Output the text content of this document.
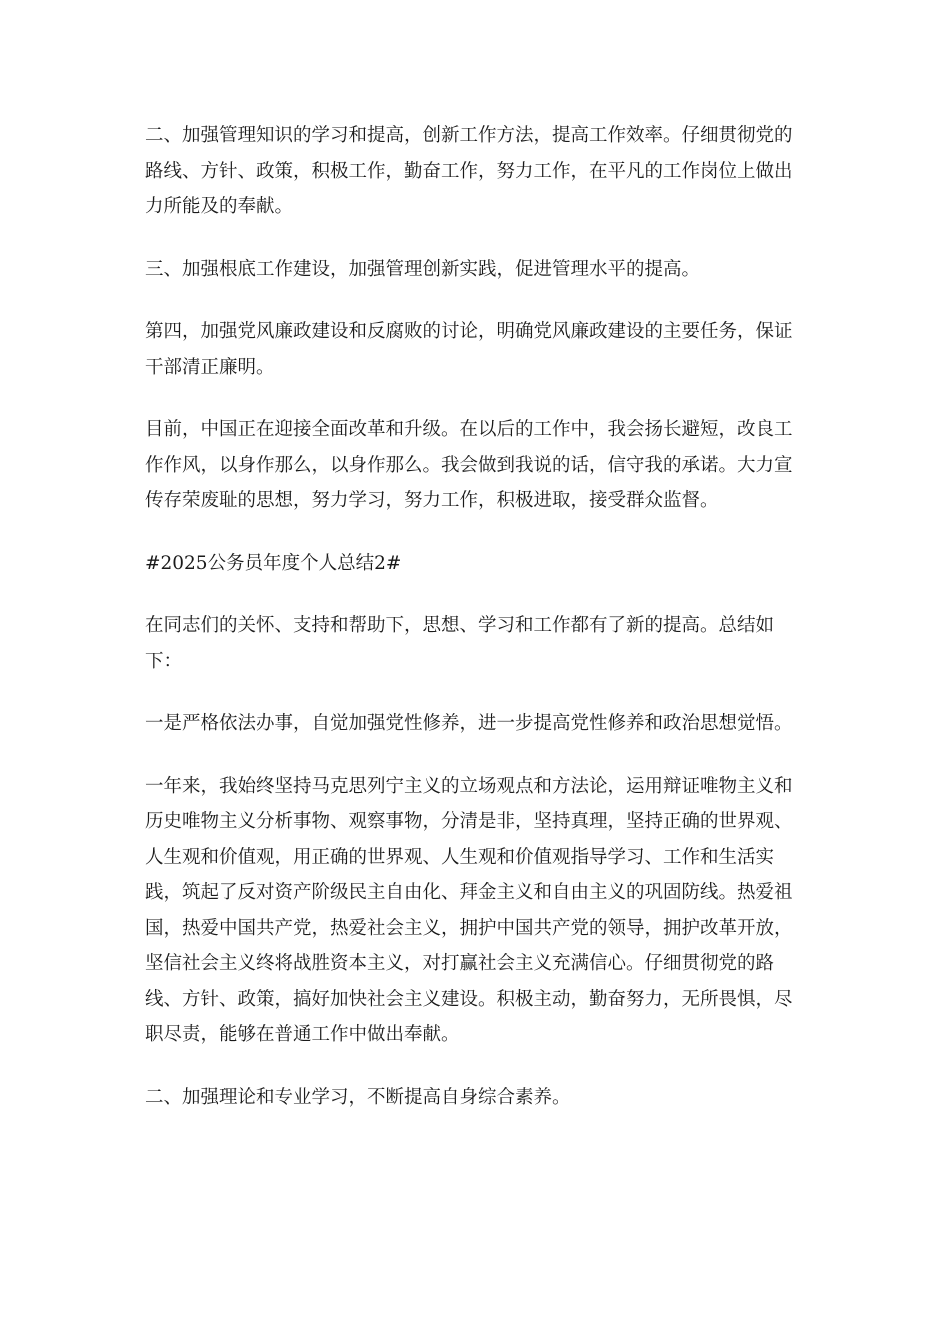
二、加强管理知识的学习和提高，创新工作方法，提高工作效率。仔细贯彻党的路线、方针、政策，积极工作，勤奋工作，努力工作，在平凡的工作岗位上做出力所能及的奉献。

三、加强根底工作建设，加强管理创新实践，促进管理水平的提高。

第四，加强党风廉政建设和反腐败的讨论，明确党风廉政建设的主要任务，保证干部清正廉明。

目前，中国正在迎接全面改革和升级。在以后的工作中，我会扬长避短，改良工作作风，以身作那么，以身作那么。我会做到我说的话，信守我的承诺。大力宣传存荣废耻的思想，努力学习，努力工作，积极进取，接受群众监督。

#2025公务员年度个人总结2#

在同志们的关怀、支持和帮助下，思想、学习和工作都有了新的提高。总结如下：

一是严格依法办事，自觉加强党性修养，进一步提高党性修养和政治思想觉悟。

一年来，我始终坚持马克思列宁主义的立场观点和方法论，运用辩证唯物主义和历史唯物主义分析事物、观察事物，分清是非，坚持真理，坚持正确的世界观、人生观和价值观，用正确的世界观、人生观和价值观指导学习、工作和生活实践，筑起了反对资产阶级民主自由化、拜金主义和自由主义的巩固防线。热爱祖国，热爱中国共产党，热爱社会主义，拥护中国共产党的领导，拥护改革开放，坚信社会主义终将战胜资本主义，对打赢社会主义充满信心。仔细贯彻党的路线、方针、政策，搞好加快社会主义建设。积极主动，勤奋努力，无所畏惧，尽职尽责，能够在普通工作中做出奉献。

二、加强理论和专业学习，不断提高自身综合素养。
